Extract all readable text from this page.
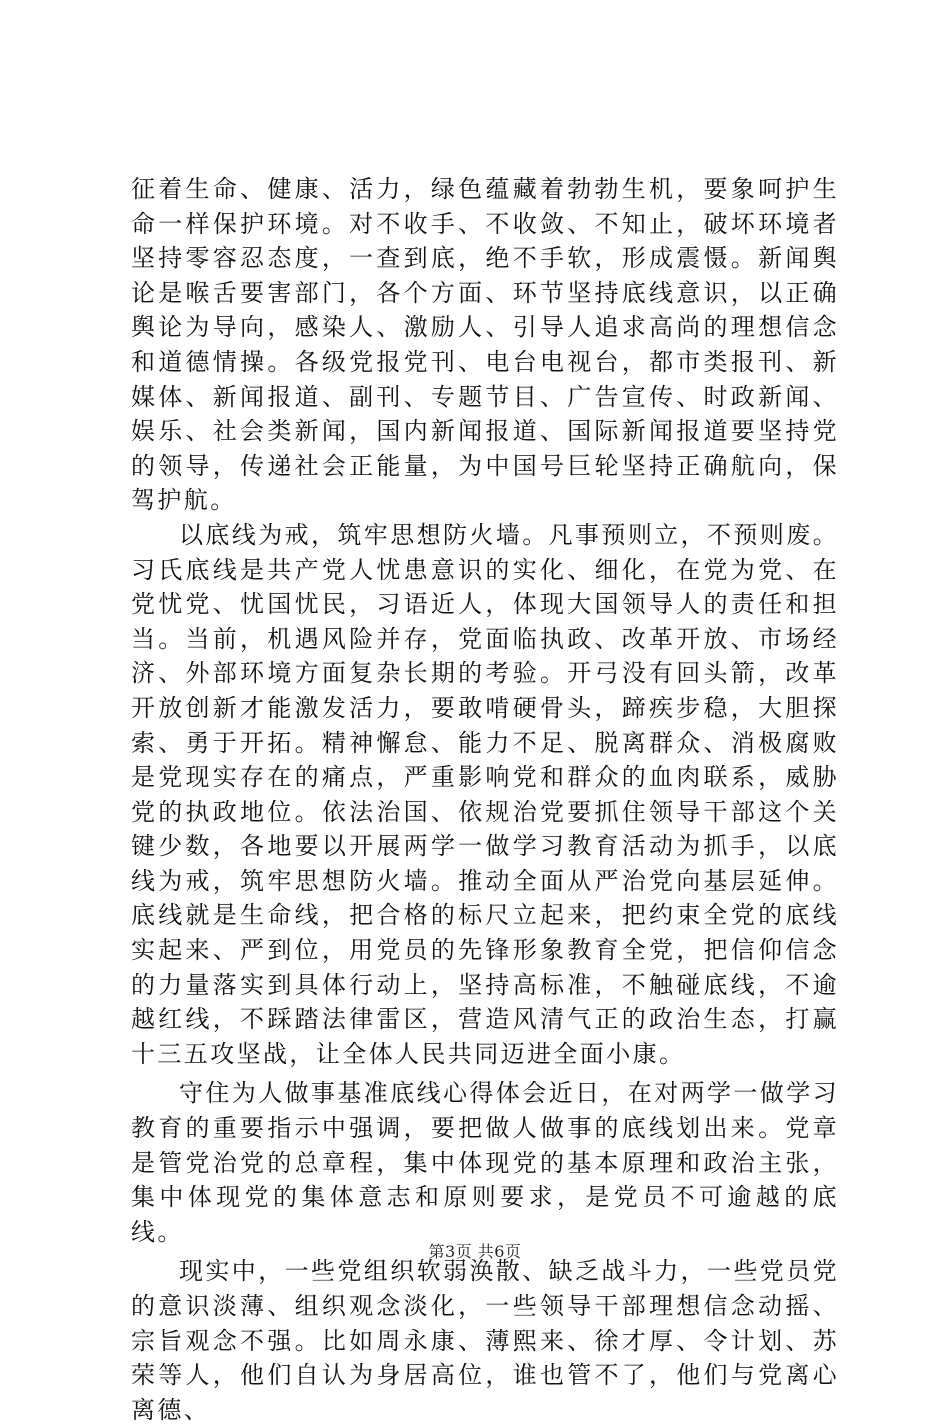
征着生命、健康、活力，绿色蕴藏着勃勃生机，要象呵护生命一样保护环境。对不收手、不收敛、不知止，破坏环境者坚持零容忍态度，一查到底，绝不手软，形成震慑。新闻舆论是喉舌要害部门，各个方面、环节坚持底线意识，以正确舆论为导向，感染人、激励人、引导人追求高尚的理想信念和道德情操。各级党报党刊、电台电视台，都市类报刊、新媒体、新闻报道、副刊、专题节目、广告宣传、时政新闻、娱乐、社会类新闻，国内新闻报道、国际新闻报道要坚持党的领导，传递社会正能量，为中国号巨轮坚持正确航向，保驾护航。

以底线为戒，筑牢思想防火墙。凡事预则立，不预则废。习氏底线是共产党人忧患意识的实化、细化，在党为党、在党忧党、忧国忧民，习语近人，体现大国领导人的责任和担当。当前，机遇风险并存，党面临执政、改革开放、市场经济、外部环境方面复杂长期的考验。开弓没有回头箭，改革开放创新才能激发活力，要敢啃硬骨头，蹄疾步稳，大胆探索、勇于开拓。精神懈怠、能力不足、脱离群众、消极腐败是党现实存在的痛点，严重影响党和群众的血肉联系，威胁党的执政地位。依法治国、依规治党要抓住领导干部这个关键少数，各地要以开展两学一做学习教育活动为抓手，以底线为戒，筑牢思想防火墙。推动全面从严治党向基层延伸。底线就是生命线，把合格的标尺立起来，把约束全党的底线实起来、严到位，用党员的先锋形象教育全党，把信仰信念的力量落实到具体行动上，坚持高标准，不触碰底线，不逾越红线，不踩踏法律雷区，营造风清气正的政治生态，打赢十三五攻坚战，让全体人民共同迈进全面小康。

守住为人做事基准底线心得体会近日，在对两学一做学习教育的重要指示中强调，要把做人做事的底线划出来。党章是管党治党的总章程，集中体现党的基本原理和政治主张，集中体现党的集体意志和原则要求，是党员不可逾越的底线。

现实中，一些党组织软弱涣散、缺乏战斗力，一些党员党的意识淡薄、组织观念淡化，一些领导干部理想信念动摇、宗旨观念不强。比如周永康、薄熙来、徐才厚、令计划、苏荣等人，他们自认为身居高位，谁也管不了，他们与党离心离德、

第3页 共6页
